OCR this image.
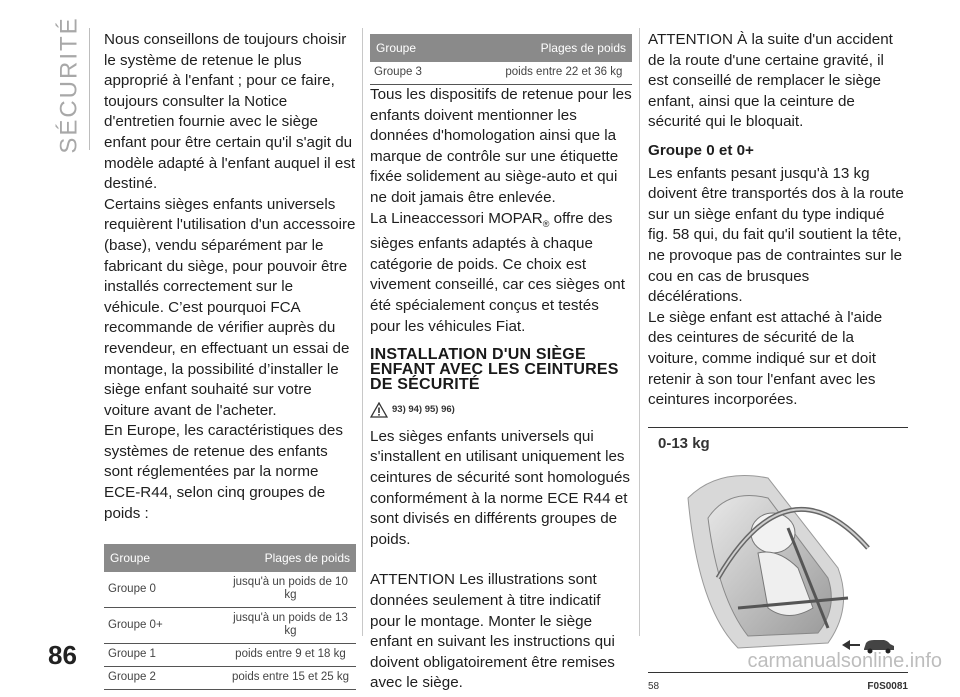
SÉCURITÉ Nous conseillons de toujours choisir le système de retenue le plus approprié à l'enfant ; pour ce faire, toujours consulter la Notice d'entretien fournie avec le siège enfant pour être certain qu'il s'agit du modèle adapté à l'enfant auquel il est destiné.

Certains sièges enfants universels requièrent l'utilisation d'un accessoire (base), vendu séparément par le fabricant du siège, pour pouvoir être installés correctement sur le véhicule. C’est pourquoi FCA recommande de vérifier auprès du revendeur, en effectuant un essai de montage, la possibilité d’installer le siège enfant souhaité sur votre voiture avant de l'acheter.

En Europe, les caractéristiques des systèmes de retenue des enfants sont réglementées par la norme ECE-R44, selon cinq groupes de poids :

Groupe	Plages de poids
Groupe 0	jusqu'à un poids de 10 kg
Groupe 0+	jusqu'à un poids de 13 kg
Groupe 1	poids entre 9 et 18 kg
Groupe 2	poids entre 15 et 25 kg
Groupe	Plages de poids
Groupe 3	poids entre 22 et 36 kg

Tous les dispositifs de retenue pour les enfants doivent mentionner les données d'homologation ainsi que la marque de contrôle sur une étiquette fixée solidement au siège-auto et qui ne doit jamais être enlevée.

La Lineaccessori $MOPAR_®$ offre des sièges enfants adaptés à chaque catégorie de poids. Ce choix est vivement conseillé, car ces sièges ont été spécialement conçus et testés pour les véhicules Fiat.

INSTALLATION D'UN SIÈGE ENFANT AVEC LES CEINTURES DE SÉCURITÉ
93) 94) 95) 96)

Les sièges enfants universels qui s'installent en utilisant uniquement les ceintures de sécurité sont homologués conformément à la norme ECE R44 et sont divisés en différents groupes de poids.

ATTENTION Les illustrations sont données seulement à titre indicatif pour le montage. Monter le siège enfant en suivant les instructions qui doivent obligatoirement être remises avec le siège.

ATTENTION À la suite d'un accident de la route d'une certaine gravité, il est conseillé de remplacer le siège enfant, ainsi que la ceinture de sécurité qui le bloquait.

Groupe 0 et 0+

Les enfants pesant jusqu'à 13 kg doivent être transportés dos à la route sur un siège enfant du type indiqué fig. 58 qui, du fait qu'il soutient la tête, ne provoque pas de contraintes sur le cou en cas de brusques décélérations.

Le siège enfant est attaché à l'aide des ceintures de sécurité de la voiture, comme indiqué sur et doit retenir à son tour l'enfant avec les ceintures incorporées.

0-13 kg
58	F0S0081
86	carmanualsonline.info
